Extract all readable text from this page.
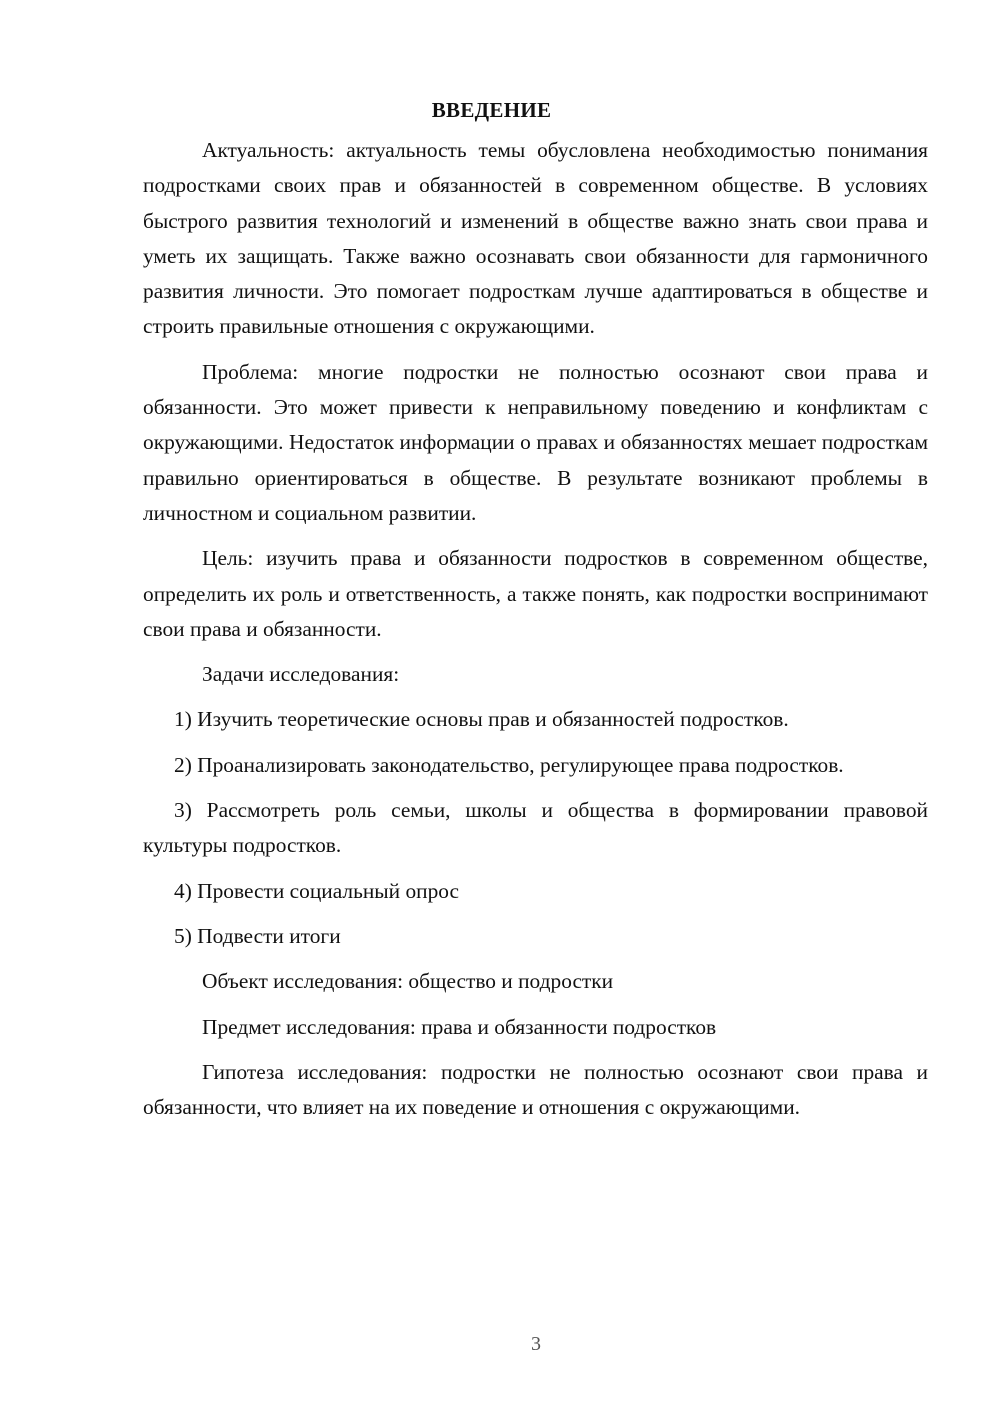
ВВЕДЕНИЕ

Актуальность: актуальность темы обусловлена необходимостью понимания подростками своих прав и обязанностей в современном обществе. В условиях быстрого развития технологий и изменений в обществе важно знать свои права и уметь их защищать. Также важно осознавать свои обязанности для гармоничного развития личности. Это помогает подросткам лучше адаптироваться в обществе и строить правильные отношения с окружающими.

Проблема: многие подростки не полностью осознают свои права и обязанности. Это может привести к неправильному поведению и конфликтам с окружающими. Недостаток информации о правах и обязанностях мешает подросткам правильно ориентироваться в обществе. В результате возникают проблемы в личностном и социальном развитии.

Цель: изучить права и обязанности подростков в современном обществе, определить их роль и ответственность, а также понять, как подростки воспринимают свои права и обязанности.

Задачи исследования:

1) Изучить теоретические основы прав и обязанностей подростков.

2) Проанализировать законодательство, регулирующее права подростков.

3) Рассмотреть роль семьи, школы и общества в формировании правовой культуры подростков.

4) Провести социальный опрос

5) Подвести итоги

Объект исследования: общество и подростки

Предмет исследования: права и обязанности подростков

Гипотеза исследования: подростки не полностью осознают свои права и обязанности, что влияет на их поведение и отношения с окружающими.

3
